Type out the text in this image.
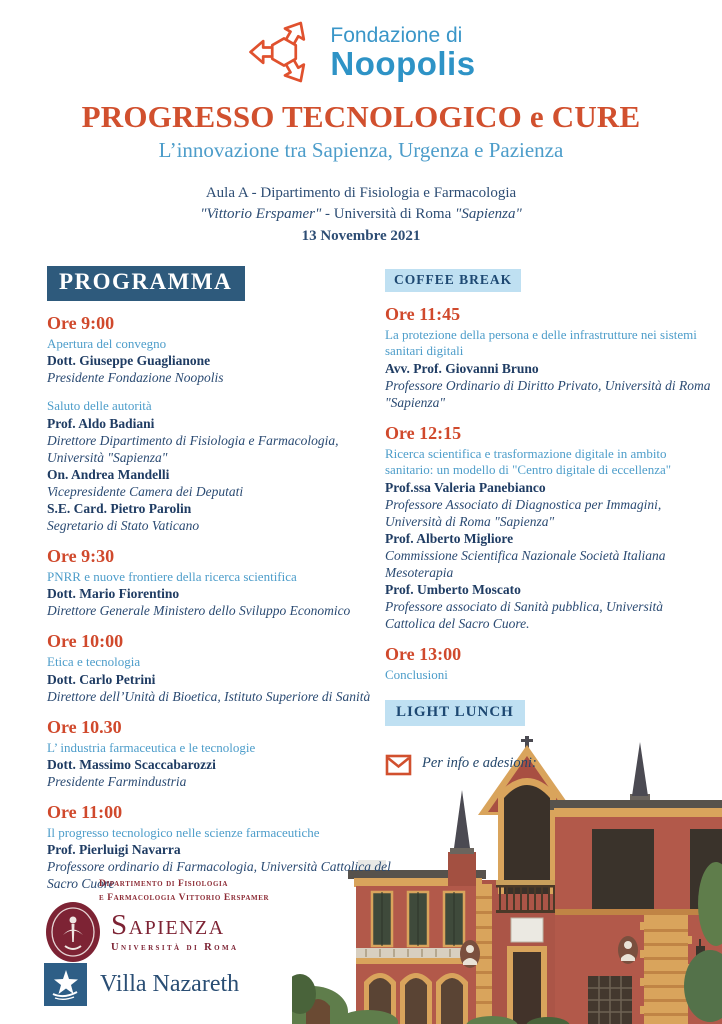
Fondazione di
Noopolis
PROGRESSO TECNOLOGICO e CURE
L’innovazione tra Sapienza, Urgenza e Pazienza
Aula A - Dipartimento di Fisiologia e Farmacologia
"Vittorio Erspamer" - Università di Roma "Sapienza"
13 Novembre 2021
PROGRAMMA
Ore 9:00
Apertura del convegno
Dott. Giuseppe Guaglianone
Presidente Fondazione Noopolis
Saluto delle autorità
Prof. Aldo Badiani
Direttore Dipartimento di Fisiologia e Farmacologia, Università "Sapienza"
On. Andrea Mandelli
Vicepresidente Camera dei Deputati
S.E. Card. Pietro Parolin
Segretario di Stato Vaticano
Ore 9:30
PNRR e nuove frontiere della ricerca scientifica
Dott. Mario Fiorentino
Direttore Generale Ministero dello Sviluppo Economico
Ore 10:00
Etica e tecnologia
Dott. Carlo Petrini
Direttore dell’Unità di Bioetica, Istituto Superiore di Sanità
Ore 10.30
L’ industria farmaceutica e le tecnologie
Dott. Massimo Scaccabarozzi
Presidente Farmindustria
Ore 11:00
Il progresso tecnologico nelle scienze farmaceutiche
Prof. Pierluigi Navarra
Professore ordinario di Farmacologia, Università Cattolica del Sacro Cuore
COFFEE BREAK
Ore 11:45
La protezione della persona e delle infrastrutture nei sistemi sanitari digitali
Avv. Prof. Giovanni Bruno
Professore Ordinario di Diritto Privato, Università di Roma "Sapienza"
Ore 12:15
Ricerca scientifica e trasformazione digitale in ambito sanitario: un modello di "Centro digitale di eccellenza"
Prof.ssa Valeria Panebianco
Professore Associato di Diagnostica per Immagini, Università di Roma "Sapienza"
Prof. Alberto Migliore
Commissione Scientifica Nazionale Società Italiana Mesoterapia
Prof. Umberto Moscato
Professore associato di Sanità pubblica, Università Cattolica del Sacro Cuore.
Ore 13:00
Conclusioni
LIGHT LUNCH
Per info e adesioni:
Dipartimento di Fisiologia
e Farmacologia Vittorio Erspamer
Sapienza
Università di Roma
Villa Nazareth
